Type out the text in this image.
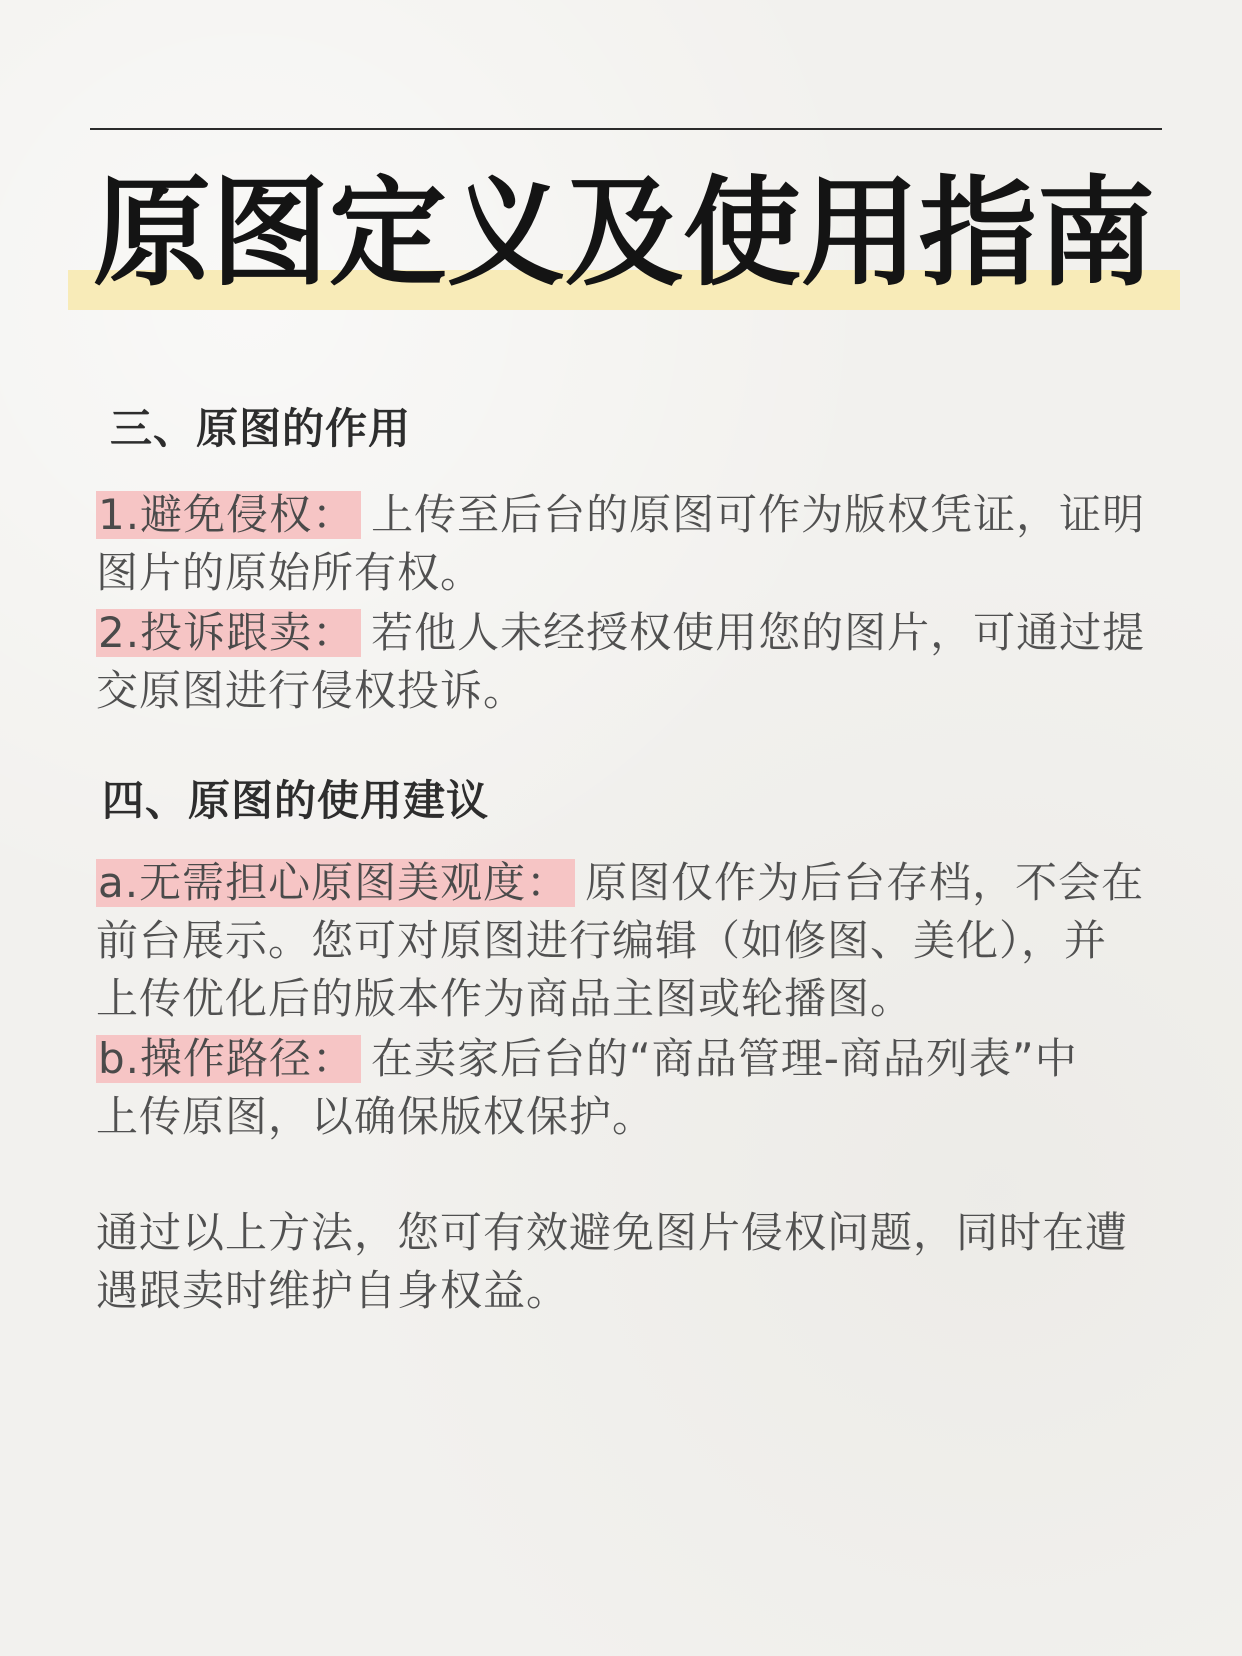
原图定义及使用指南
三、原图的作用
1.避免侵权： 上传至后台的原图可作为版权凭证，证明
图片的原始所有权。
2.投诉跟卖： 若他人未经授权使用您的图片，可通过提
交原图进行侵权投诉。
四、原图的使用建议
a.无需担心原图美观度： 原图仅作为后台存档，不会在
前台展示。您可对原图进行编辑（如修图、美化），并
上传优化后的版本作为商品主图或轮播图。
b.操作路径： 在卖家后台的“商品管理-商品列表”中
上传原图，以确保版权保护。
通过以上方法，您可有效避免图片侵权问题，同时在遭
遇跟卖时维护自身权益。
